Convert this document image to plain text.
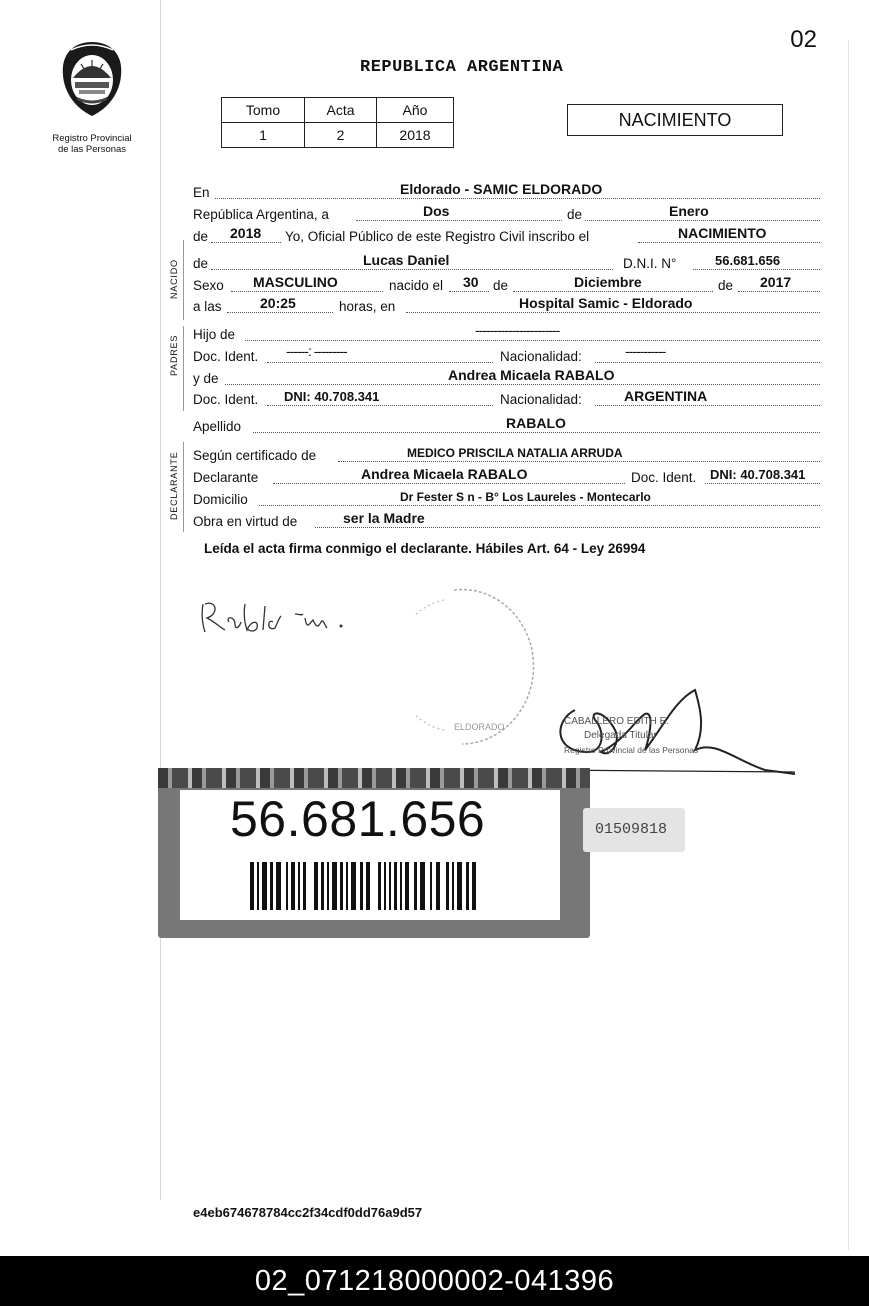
02
Registro Provincial
de las Personas
REPUBLICA ARGENTINA
Tomo	Acta	Año
1	2	2018
NACIMIENTO
NACIDO
PADRES
DECLARANTE
En	Eldorado - SAMIC ELDORADO
República Argentina, a	Dos	de	Enero
de 2018 Yo, Oficial Público de este Registro Civil inscribo el	NACIMIENTO
de	Lucas Daniel	D.N.I. N°	56.681.656
Sexo MASCULINO	nacido el 30 de	Diciembre	de 2017
a las	20:25	horas, en	Hospital Samic - Eldorado
Hijo de	-----------------------
Doc. Ident. ------: ---------	Nacionalidad:	-----------
y de	Andrea Micaela RABALO
Doc. Ident. DNI: 40.708.341	Nacionalidad:	ARGENTINA
Apellido	RABALO
Según certificado de	MEDICO PRISCILA NATALIA ARRUDA
Declarante	Andrea Micaela RABALO	Doc. Ident. DNI: 40.708.341
Domicilio	Dr Fester S n - B° Los Laureles - Montecarlo
Obra en virtud de	ser la Madre
Leída el acta firma conmigo el declarante. Hábiles Art. 64 - Ley 26994
ELDORADO	CABALLERO EDITH E.
Delegada Titular
Registro Provincial de las Personas
56.681.656	01509818
e4eb674678784cc2f34cdf0dd76a9d57
02_071218000002-041396
